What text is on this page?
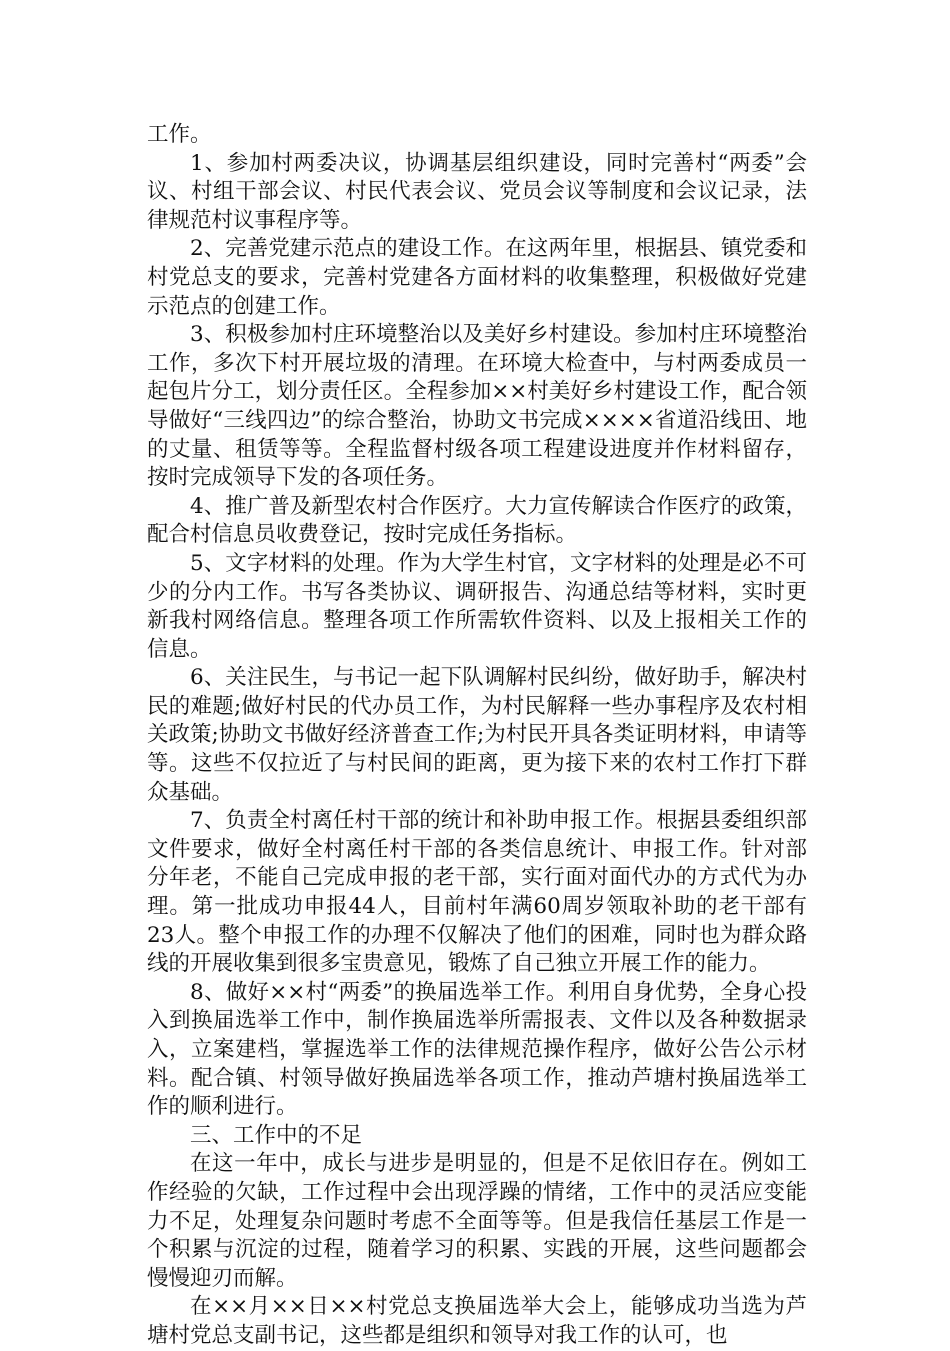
工作。

1、参加村两委决议，协调基层组织建设，同时完善村“两委”会议、村组干部会议、村民代表会议、党员会议等制度和会议记录，法律规范村议事程序等。

2、完善党建示范点的建设工作。在这两年里，根据县、镇党委和村党总支的要求，完善村党建各方面材料的收集整理，积极做好党建示范点的创建工作。

3、积极参加村庄环境整治以及美好乡村建设。参加村庄环境整治工作，多次下村开展垃圾的清理。在环境大检查中，与村两委成员一起包片分工，划分责任区。全程参加××村美好乡村建设工作，配合领导做好“三线四边”的综合整治，协助文书完成××××省道沿线田、地的丈量、租赁等等。全程监督村级各项工程建设进度并作材料留存，按时完成领导下发的各项任务。

4、推广普及新型农村合作医疗。大力宣传解读合作医疗的政策，配合村信息员收费登记，按时完成任务指标。

5、文字材料的处理。作为大学生村官，文字材料的处理是必不可少的分内工作。书写各类协议、调研报告、沟通总结等材料，实时更新我村网络信息。整理各项工作所需软件资料、以及上报相关工作的信息。

6、关注民生，与书记一起下队调解村民纠纷，做好助手，解决村民的难题;做好村民的代办员工作，为村民解释一些办事程序及农村相关政策;协助文书做好经济普查工作;为村民开具各类证明材料，申请等等。这些不仅拉近了与村民间的距离，更为接下来的农村工作打下群众基础。

7、负责全村离任村干部的统计和补助申报工作。根据县委组织部文件要求，做好全村离任村干部的各类信息统计、申报工作。针对部分年老，不能自己完成申报的老干部，实行面对面代办的方式代为办理。第一批成功申报44人，目前村年满60周岁领取补助的老干部有23人。整个申报工作的办理不仅解决了他们的困难，同时也为群众路线的开展收集到很多宝贵意见，锻炼了自己独立开展工作的能力。

8、做好××村“两委”的换届选举工作。利用自身优势，全身心投入到换届选举工作中，制作换届选举所需报表、文件以及各种数据录入，立案建档，掌握选举工作的法律规范操作程序，做好公告公示材料。配合镇、村领导做好换届选举各项工作，推动芦塘村换届选举工作的顺利进行。

三、工作中的不足

在这一年中，成长与进步是明显的，但是不足依旧存在。例如工作经验的欠缺，工作过程中会出现浮躁的情绪，工作中的灵活应变能力不足，处理复杂问题时考虑不全面等等。但是我信任基层工作是一个积累与沉淀的过程，随着学习的积累、实践的开展，这些问题都会慢慢迎刃而解。

在××月××日××村党总支换届选举大会上，能够成功当选为芦塘村党总支副书记，这些都是组织和领导对我工作的认可，也
